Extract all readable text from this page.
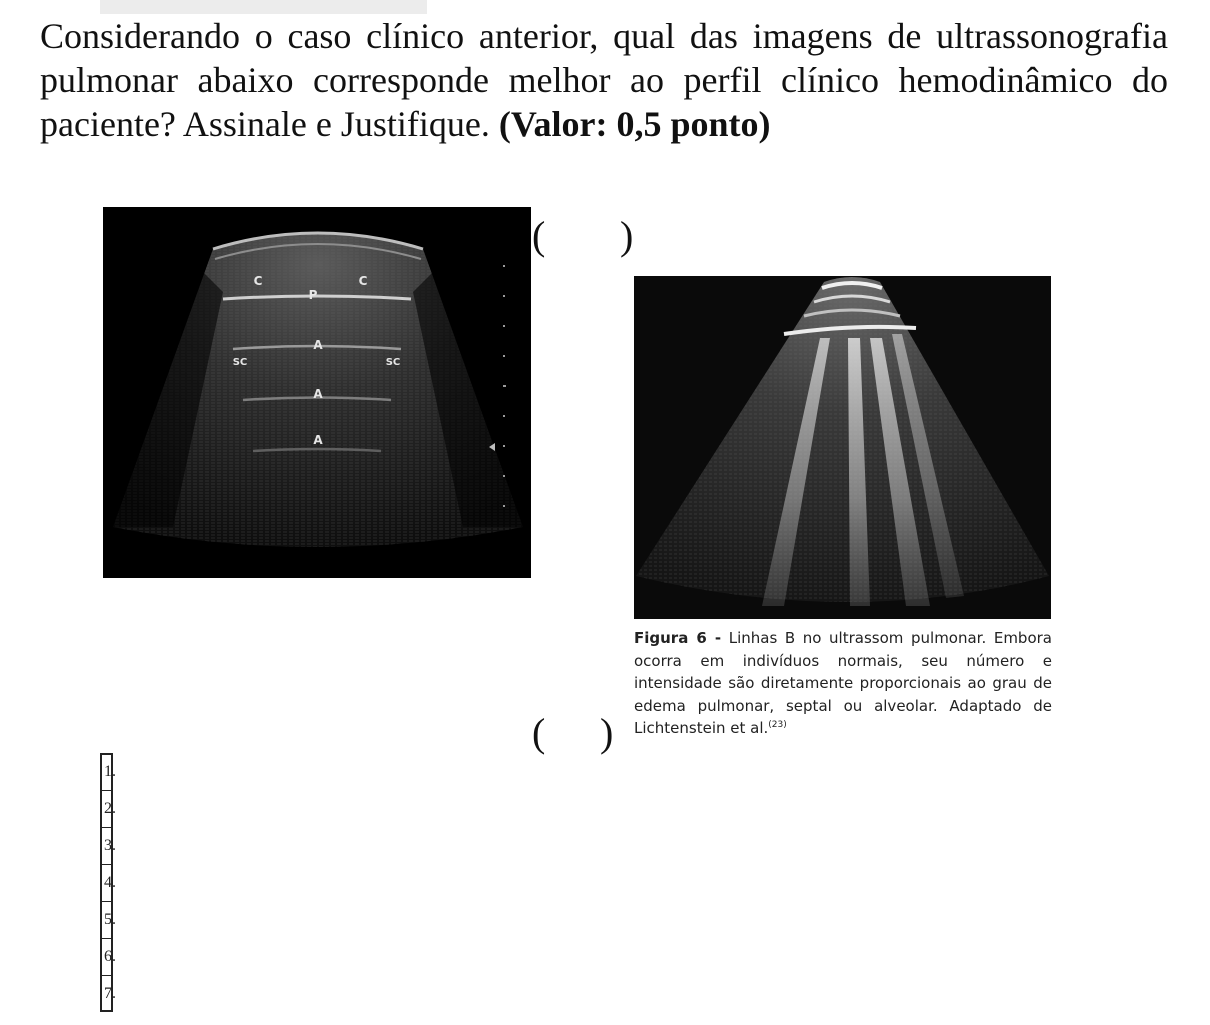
Considerando o caso clínico anterior, qual das imagens de ultrassonografia pulmonar abaixo corresponde melhor ao perfil clínico hemodinâmico do paciente? Assinale e Justifique. (Valor: 0,5 ponto)

C	C
P
A
A
A
SC	SC
( )

Figura 6 - Linhas B no ultrassom pulmonar. Embora ocorra em indivíduos normais, seu número e intensidade são diretamente proporcionais ao grau de edema pulmonar, septal ou alveolar. Adaptado de Lichtenstein et al.$^{(23)}$

( )
1.
2.
3.
4.
5.
6.
7.
